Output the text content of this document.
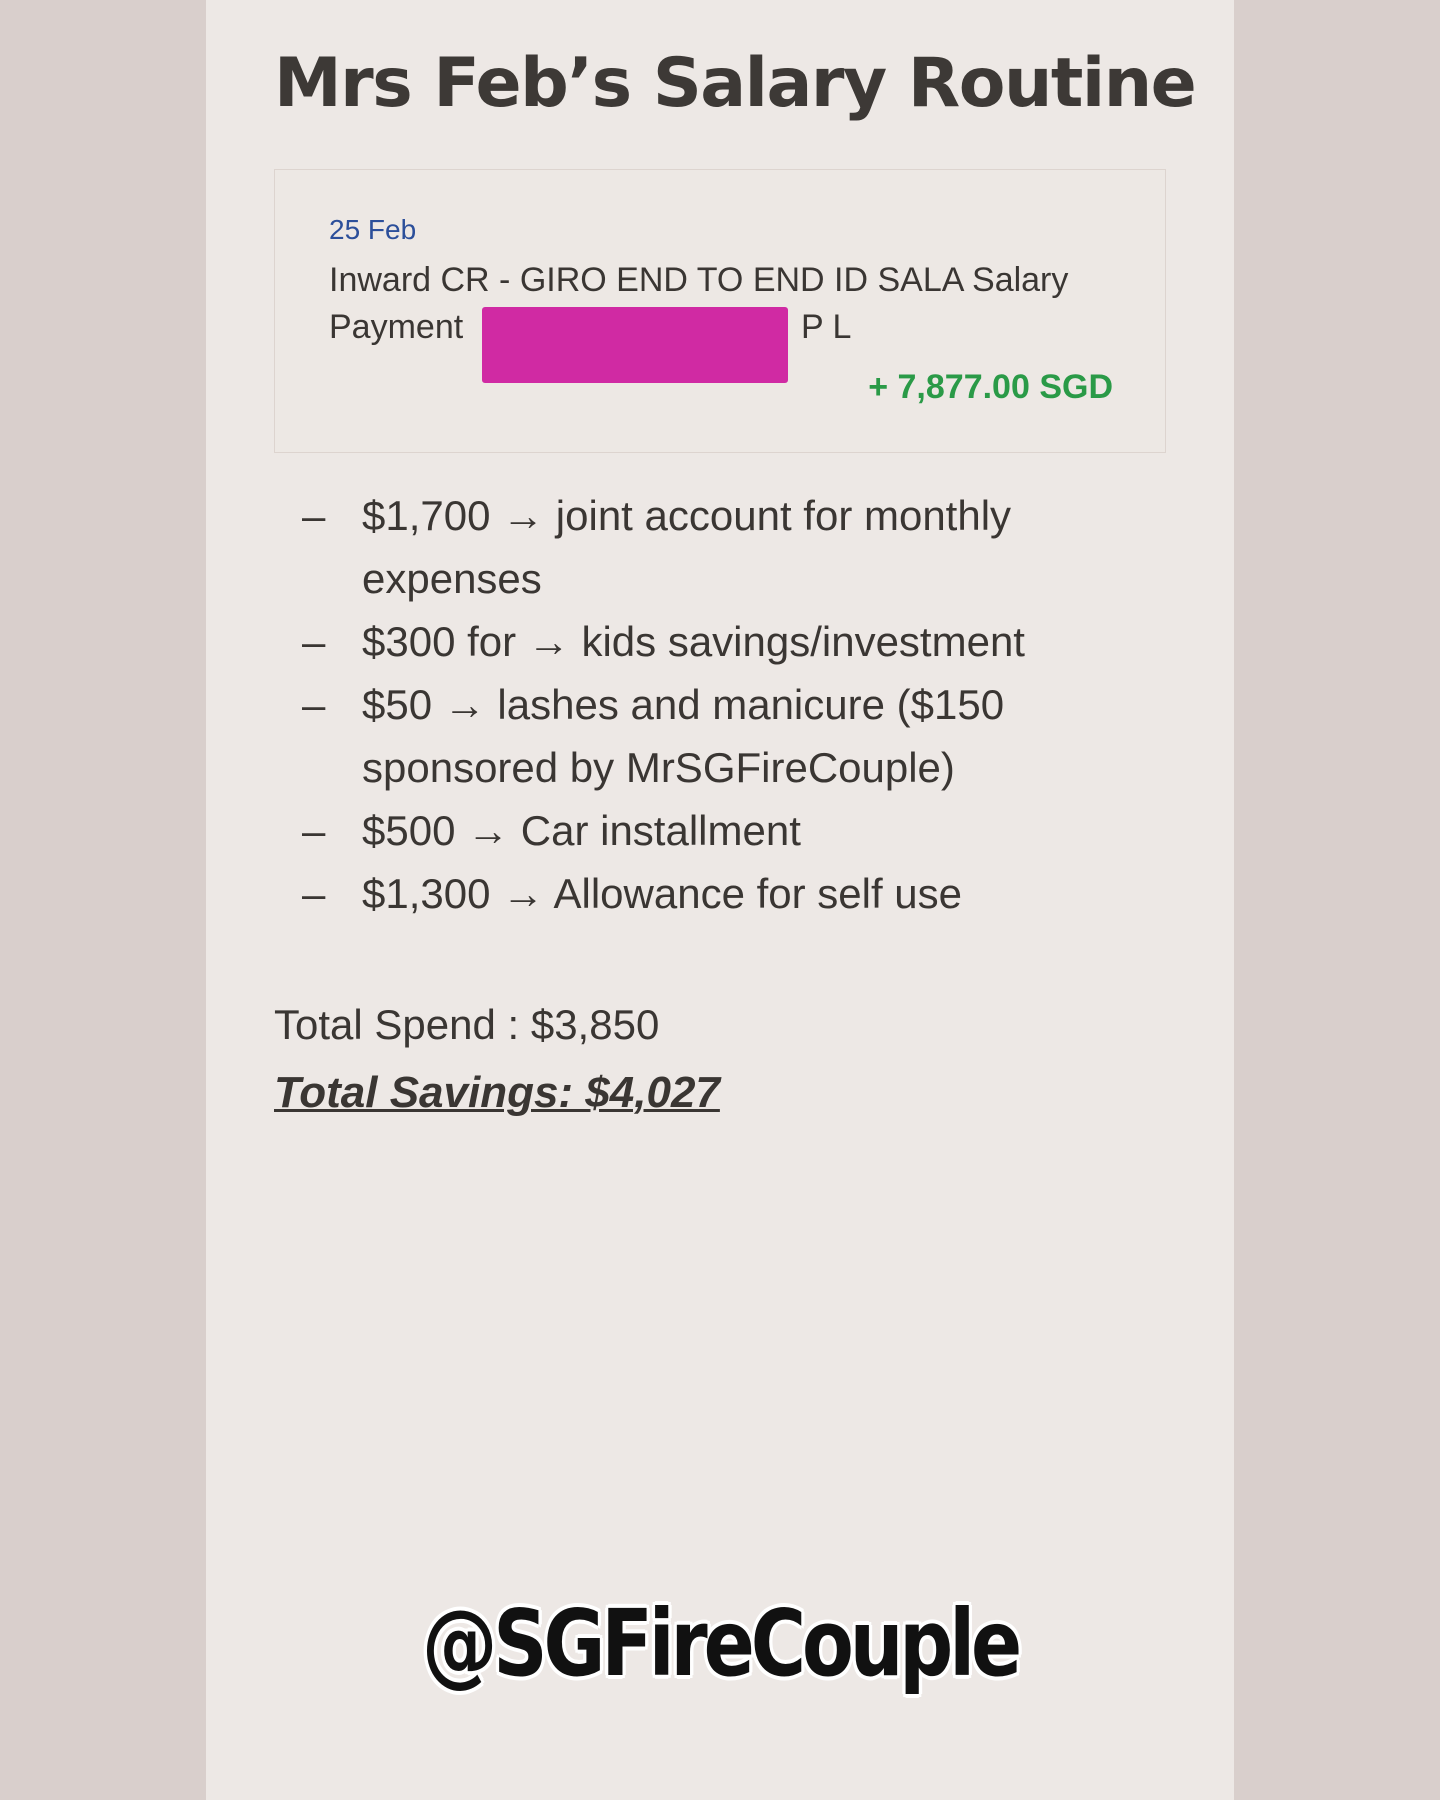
Mrs Feb’s Salary Routine
25 Feb
Inward CR - GIRO END TO END ID SALA Salary
Payment	P L
+ 7,877.00 SGD
– $1,700 → joint account for monthly expenses
– $300 for → kids savings/investment
– $50 → lashes and manicure ($150 sponsored by MrSGFireCouple)
– $500 → Car installment
– $1,300 → Allowance for self use
Total Spend : $3,850
Total Savings: $4,027
@SGFireCouple
